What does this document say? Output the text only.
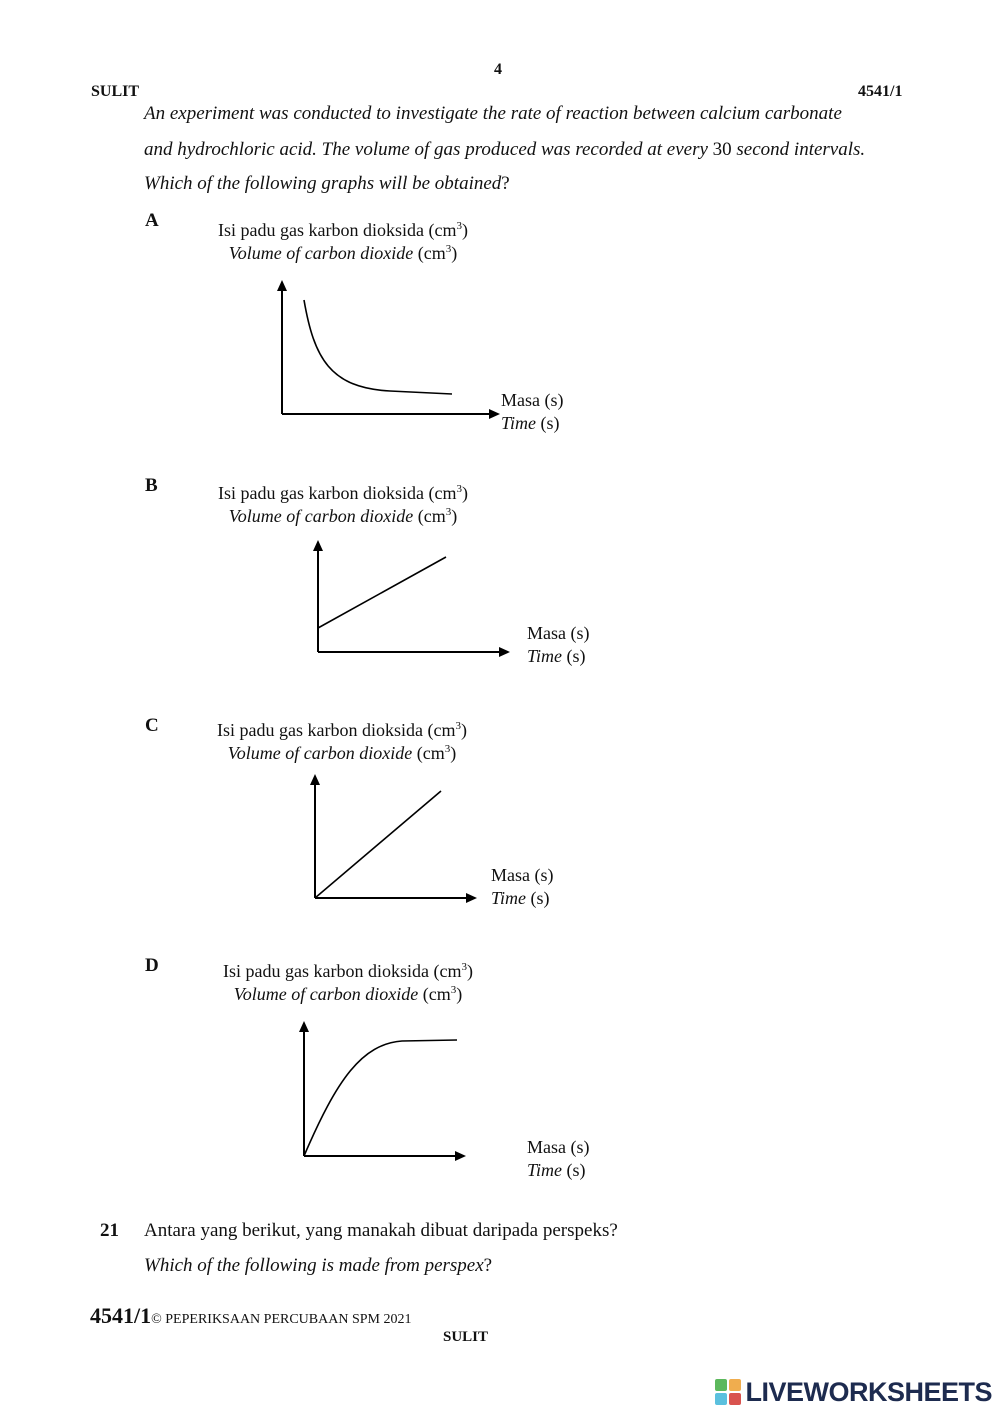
4
SULIT	4541/1
An experiment was conducted to investigate the rate of reaction between calcium carbonate
and hydrochloric acid. The volume of gas produced was recorded at every 30 second intervals.
Which of the following graphs will be obtained?
A	Isi padu gas karbon dioksida $(cm^3)$
Volume of carbon dioxide $(cm^3)$
Masa (s)
Time (s)
B	Isi padu gas karbon dioksida $(cm^3)$
Volume of carbon dioxide $(cm^3)$
Masa (s)
Time (s)
C	Isi padu gas karbon dioksida $(cm^3)$
Volume of carbon dioxide $(cm^3)$
Masa (s)
Time (s)
D	Isi padu gas karbon dioksida $(cm^3)$
Volume of carbon dioxide $(cm^3)$
Masa (s)
Time (s)
21 Antara yang berikut, yang manakah dibuat daripada perspeks?
Which of the following is made from perspex?
4541/1© PEPERIKSAAN PERCUBAAN SPM 2021
SULIT
LIVEWORKSHEETS
